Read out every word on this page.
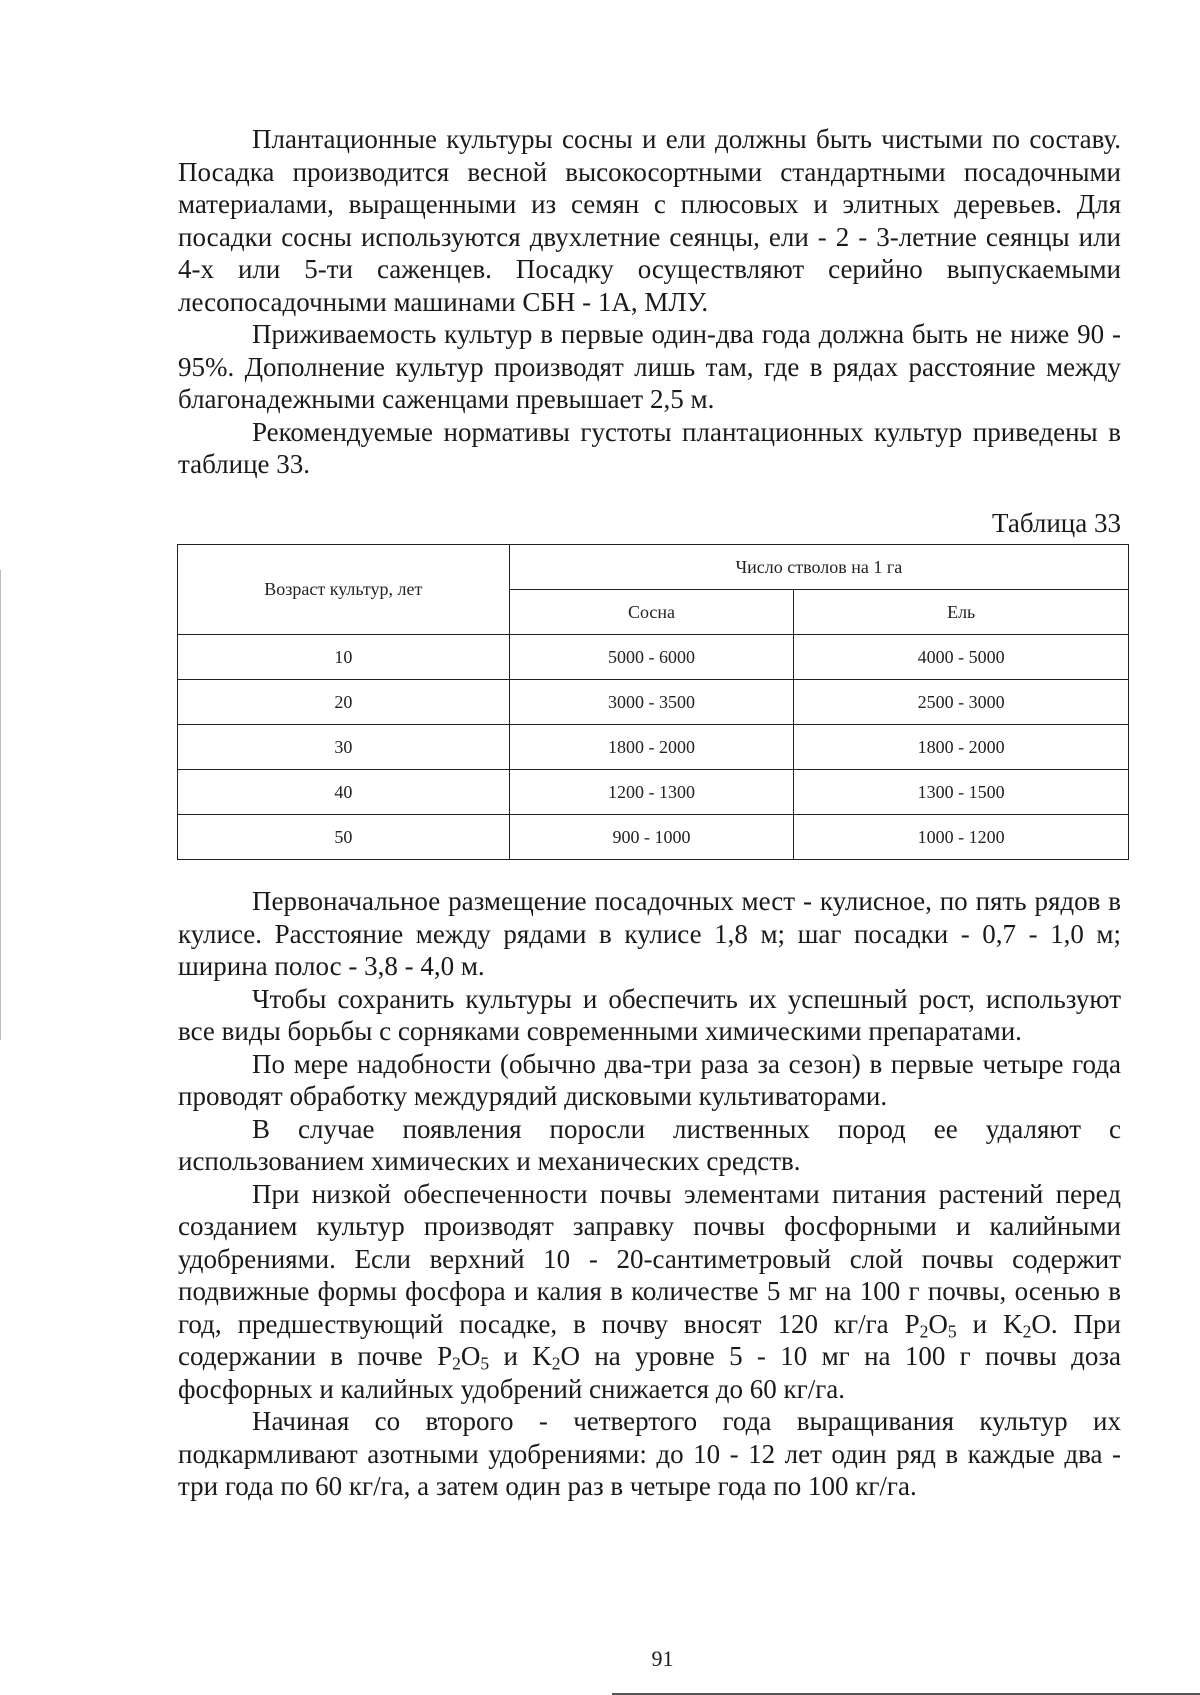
Плантационные культуры сосны и ели должны быть чистыми по составу. Посадка производится весной высокосортными стандартными посадочными материалами, выращенными из семян с плюсовых и элитных деревьев. Для посадки сосны используются двухлетние сеянцы, ели - 2 - 3-летние сеянцы или 4-х или 5-ти саженцев. Посадку осуществляют серийно выпускаемыми лесопосадочными машинами СБН - 1А, МЛУ.

Приживаемость культур в первые один-два года должна быть не ниже 90 - 95%. Дополнение культур производят лишь там, где в рядах расстояние между благонадежными саженцами превышает 2,5 м.

Рекомендуемые нормативы густоты плантационных культур приведены в таблице 33.

Таблица 33
Возраст культур, лет	Число стволов на 1 га	
	Сосна	Ель
10	5000 - 6000	4000 - 5000
20	3000 - 3500	2500 - 3000
30	1800 - 2000	1800 - 2000
40	1200 - 1300	1300 - 1500
50	900 - 1000	1000 - 1200

Первоначальное размещение посадочных мест - кулисное, по пять рядов в кулисе. Расстояние между рядами в кулисе 1,8 м; шаг посадки - 0,7 - 1,0 м; ширина полос - 3,8 - 4,0 м.

Чтобы сохранить культуры и обеспечить их успешный рост, используют все виды борьбы с сорняками современными химическими препаратами.

По мере надобности (обычно два-три раза за сезон) в первые четыре года проводят обработку междурядий дисковыми культиваторами.

В случае появления поросли лиственных пород ее удаляют с использованием химических и механических средств.

При низкой обеспеченности почвы элементами питания растений перед созданием культур производят заправку почвы фосфорными и калийными удобрениями. Если верхний 10 - 20-сантиметровый слой почвы содержит подвижные формы фосфора и калия в количестве 5 мг на 100 г почвы, осенью в год, предшествующий посадке, в почву вносят 120 кг/га $P_2O_5$ и $K_2O$. При содержании в почве $P_2O_5$ и $K_2O$ на уровне 5 - 10 мг на 100 г почвы доза фосфорных и калийных удобрений снижается до 60 кг/га.

Начиная со второго - четвертого года выращивания культур их подкармливают азотными удобрениями: до 10 - 12 лет один ряд в каждые два - три года по 60 кг/га, а затем один раз в четыре года по 100 кг/га.

91
